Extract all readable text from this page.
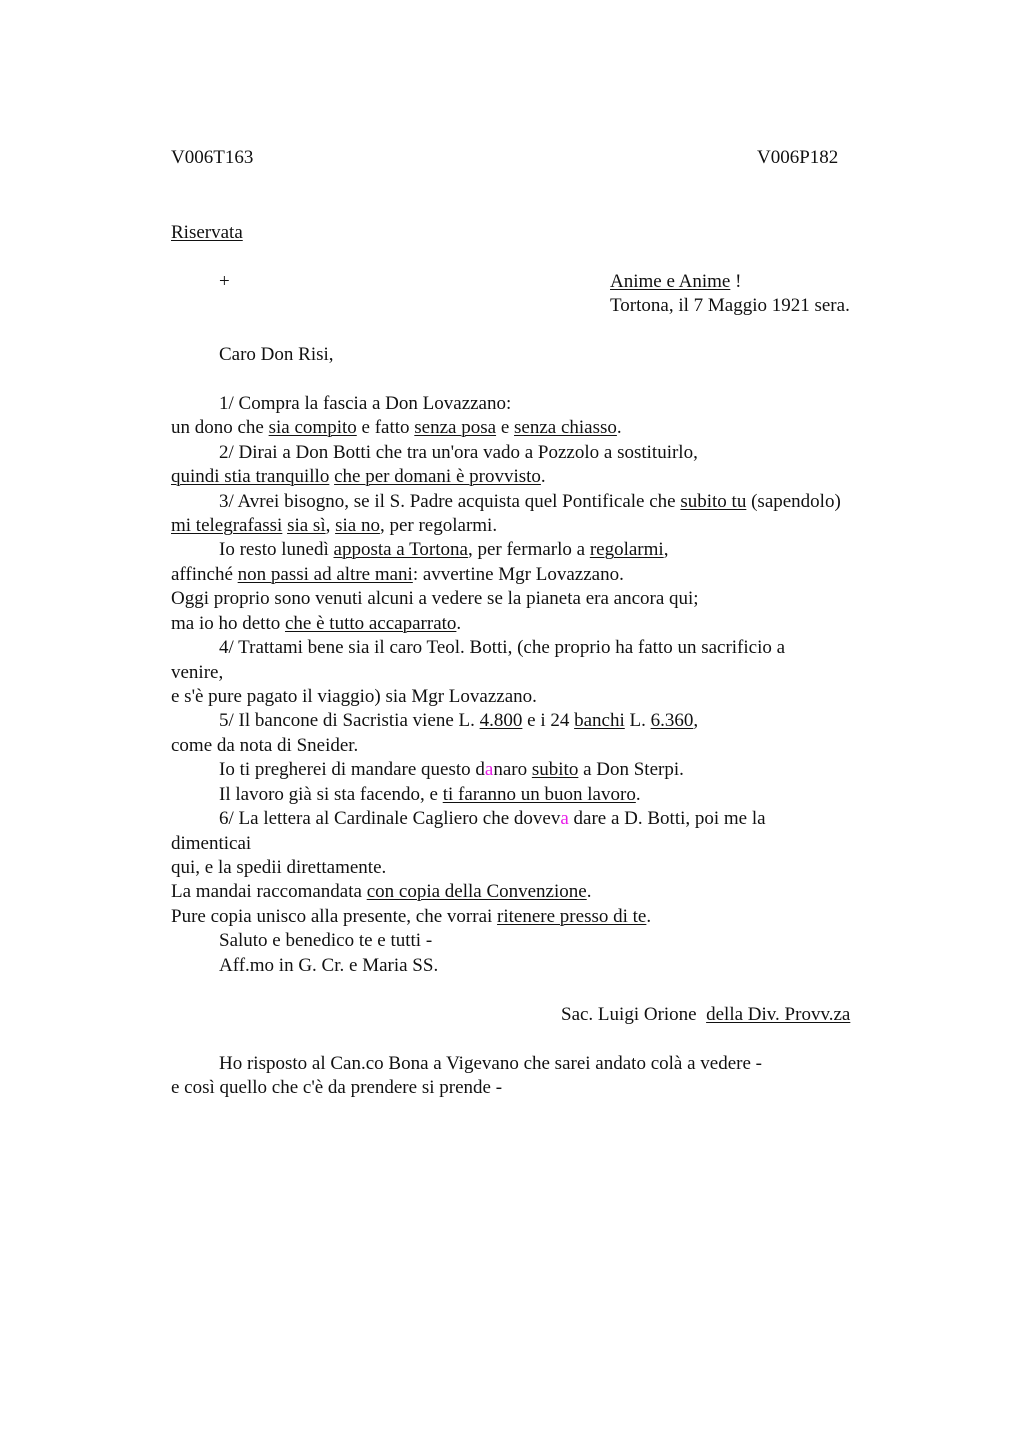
V006T163	V006P182
Riservata
+	Anime e Anime !
Tortona, il 7 Maggio 1921 sera.
Caro Don Risi,
1/ Compra la fascia a Don Lovazzano:
un dono che sia compito e fatto senza posa e senza chiasso.
2/ Dirai a Don Botti che tra un'ora vado a Pozzolo a sostituirlo,
quindi stia tranquillo che per domani è provvisto.
3/ Avrei bisogno, se il S. Padre acquista quel Pontificale che subito tu (sapendolo)
mi telegrafassi sia sì, sia no, per regolarmi.
Io resto lunedì apposta a Tortona, per fermarlo a regolarmi,
affinché non passi ad altre mani: avvertine Mgr Lovazzano.
Oggi proprio sono venuti alcuni a vedere se la pianeta era ancora qui;
ma io ho detto che è tutto accaparrato.
4/ Trattami bene sia il caro Teol. Botti, (che proprio ha fatto un sacrificio a
venire,
e s'è pure pagato il viaggio) sia Mgr Lovazzano.
5/ Il bancone di Sacristia viene L. 4.800 e i 24 banchi L. 6.360,
come da nota di Sneider.
Io ti pregherei di mandare questo danaro subito a Don Sterpi.
Il lavoro già si sta facendo, e ti faranno un buon lavoro.
6/ La lettera al Cardinale Cagliero che doveva dare a D. Botti, poi me la
dimenticai
qui, e la spedii direttamente.
La mandai raccomandata con copia della Convenzione.
Pure copia unisco alla presente, che vorrai ritenere presso di te.
Saluto e benedico te e tutti -
Aff.mo in G. Cr. e Maria SS.
Sac. Luigi Orione  della Div. Provv.za
Ho risposto al Can.co Bona a Vigevano che sarei andato colà a vedere -
e così quello che c'è da prendere si prende -
